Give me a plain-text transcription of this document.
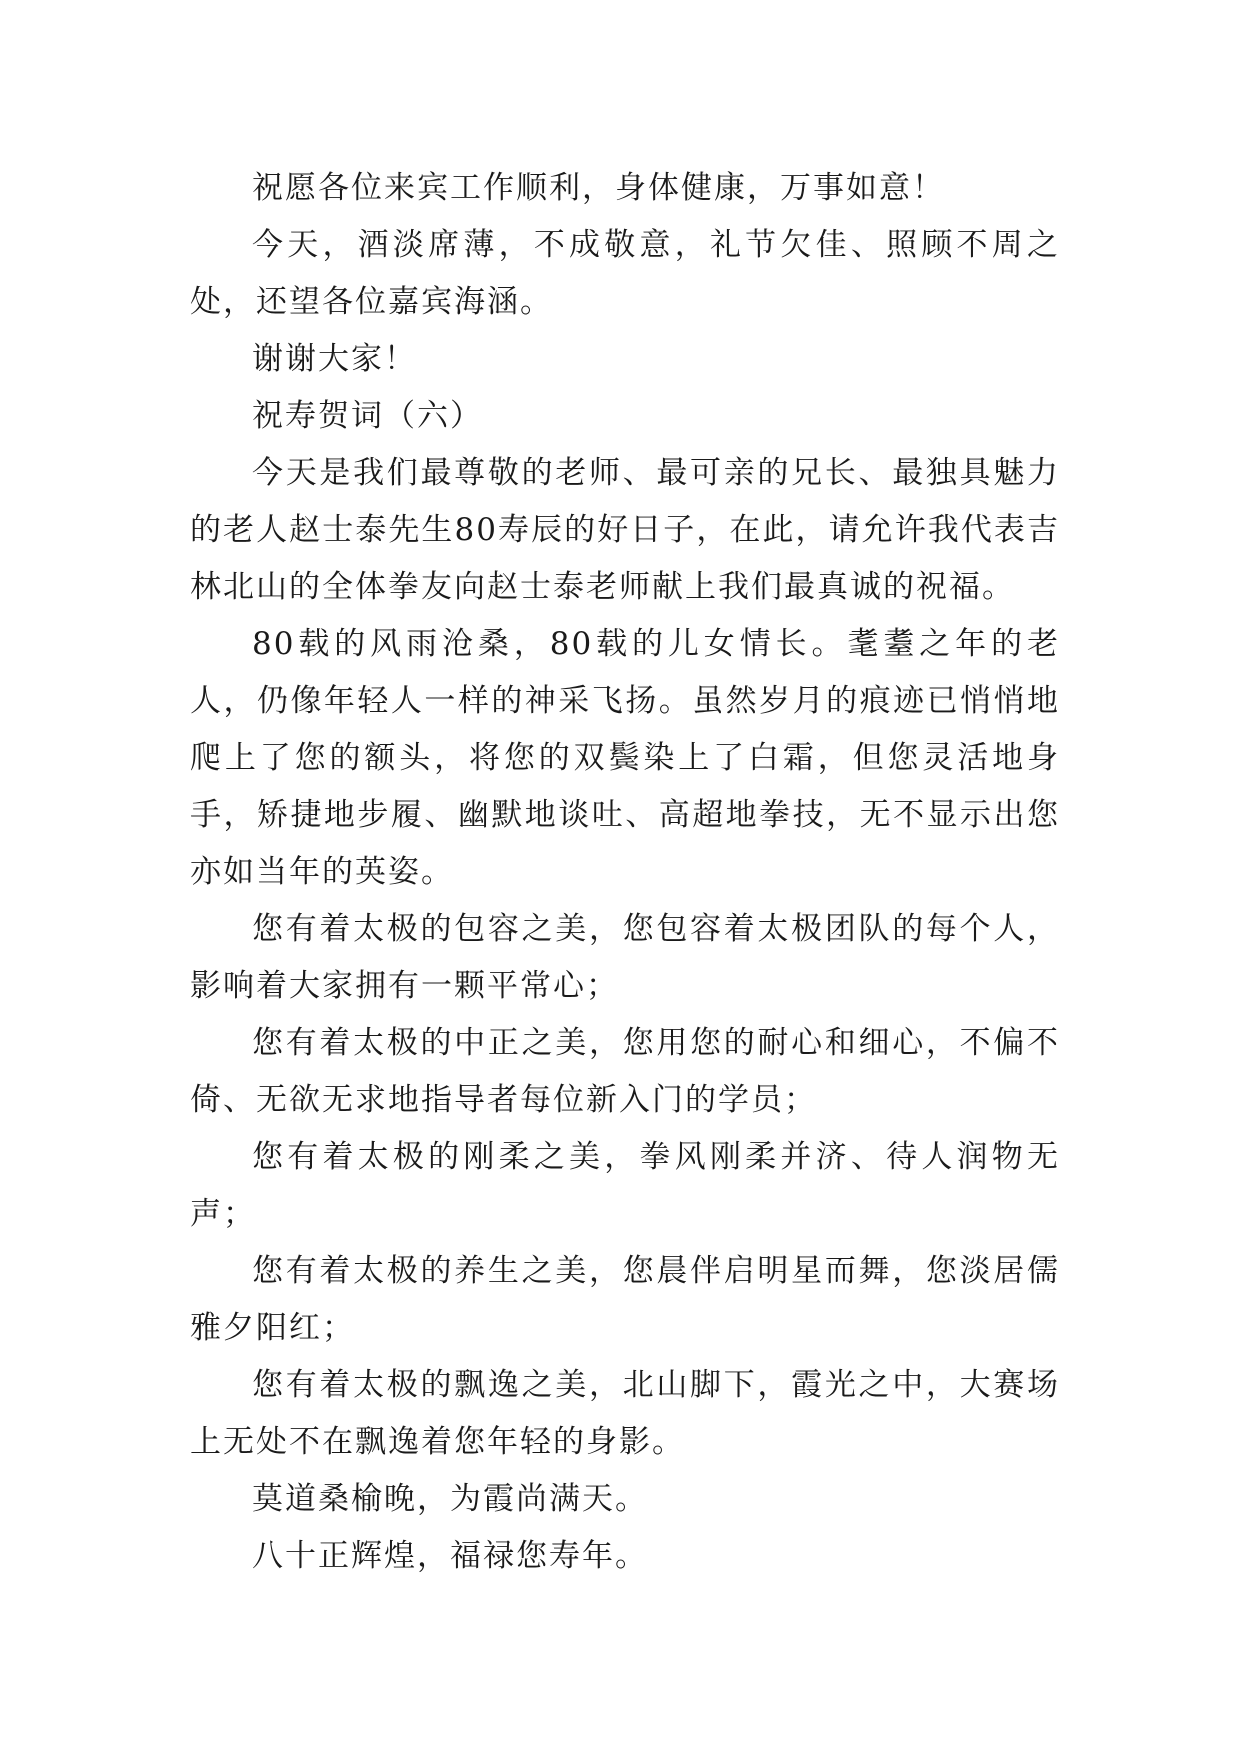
祝愿各位来宾工作顺利，身体健康，万事如意！

今天，酒淡席薄，不成敬意，礼节欠佳、照顾不周之处，还望各位嘉宾海涵。

谢谢大家！

祝寿贺词（六）

今天是我们最尊敬的老师、最可亲的兄长、最独具魅力的老人赵士泰先生80寿辰的好日子，在此，请允许我代表吉林北山的全体拳友向赵士泰老师献上我们最真诚的祝福。

80载的风雨沧桑，80载的儿女情长。耄耋之年的老人，仍像年轻人一样的神采飞扬。虽然岁月的痕迹已悄悄地爬上了您的额头，将您的双鬓染上了白霜，但您灵活地身手，矫捷地步履、幽默地谈吐、高超地拳技，无不显示出您亦如当年的英姿。

您有着太极的包容之美，您包容着太极团队的每个人，影响着大家拥有一颗平常心；

您有着太极的中正之美，您用您的耐心和细心，不偏不倚、无欲无求地指导者每位新入门的学员；

您有着太极的刚柔之美，拳风刚柔并济、待人润物无声；

您有着太极的养生之美，您晨伴启明星而舞，您淡居儒雅夕阳红；

您有着太极的飘逸之美，北山脚下，霞光之中，大赛场上无处不在飘逸着您年轻的身影。

莫道桑榆晚，为霞尚满天。

八十正辉煌，福禄您寿年。
